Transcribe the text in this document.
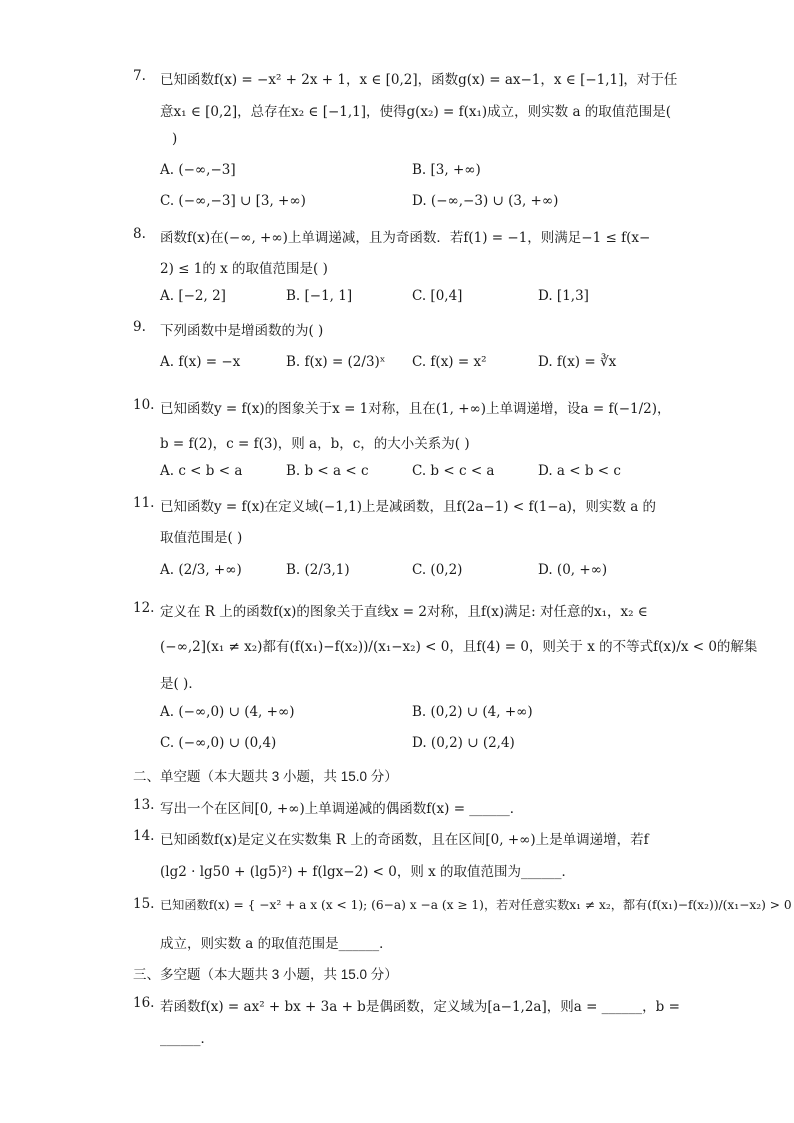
7. 已知函数f(x) = −x² + 2x + 1，x ∈ [0,2]，函数g(x) = ax−1，x ∈ [−1,1]，对于任
意x₁ ∈ [0,2]，总存在x₂ ∈ [−1,1]，使得g(x₂) = f(x₁)成立，则实数 a 的取值范围是(
)
A. (−∞,−3]	B. [3, +∞)
C. (−∞,−3] ∪ [3, +∞)	D. (−∞,−3) ∪ (3, +∞)
8. 函数f(x)在(−∞, +∞)上单调递减，且为奇函数．若f(1) = −1，则满足−1 ≤ f(x−
2) ≤ 1的 x 的取值范围是( )
A. [−2, 2]	B. [−1, 1]	C. [0,4]	D. [1,3]
9. 下列函数中是增函数的为( )
A. f(x) = −x	B. f(x) = (2/3)ˣ C. f(x) = x²	D. f(x) = ∛x
10. 已知函数y = f(x)的图象关于x = 1对称，且在(1, +∞)上单调递增，设a = f(−1/2)，
b = f(2)，c = f(3)，则 a，b，c，的大小关系为( )
A. c < b < a	B. b < a < c	C. b < c < a	D. a < b < c
11. 已知函数y = f(x)在定义域(−1,1)上是减函数，且f(2a−1) < f(1−a)，则实数 a 的
取值范围是( )
A. (2/3, +∞)	B. (2/3,1)	C. (0,2)	D. (0, +∞)
12. 定义在 R 上的函数f(x)的图象关于直线x = 2对称，且f(x)满足: 对任意的x₁，x₂ ∈
(−∞,2](x₁ ≠ x₂)都有(f(x₁)−f(x₂))/(x₁−x₂) < 0，且f(4) = 0，则关于 x 的不等式f(x)/x < 0的解集
是( )．
A. (−∞,0) ∪ (4, +∞)	B. (0,2) ∪ (4, +∞)
C. (−∞,0) ∪ (0,4)	D. (0,2) ∪ (2,4)
二、单空题（本大题共 3 小题，共 15.0 分）
13. 写出一个在区间[0, +∞)上单调递减的偶函数f(x) = ______．
14. 已知函数f(x)是定义在实数集 R 上的奇函数，且在区间[0, +∞)上是单调递增，若f
(lg2 · lg50 + (lg5)²) + f(lgx−2) < 0，则 x 的取值范围为______．
15. 已知函数f(x) = { −x² + a x (x < 1); (6−a) x −a (x ≥ 1)，若对任意实数x₁ ≠ x₂，都有(f(x₁)−f(x₂))/(x₁−x₂) > 0
成立，则实数 a 的取值范围是______．
三、多空题（本大题共 3 小题，共 15.0 分）
16. 若函数f(x) = ax² + bx + 3a + b是偶函数，定义域为[a−1,2a]，则a = ______，b =
______．
